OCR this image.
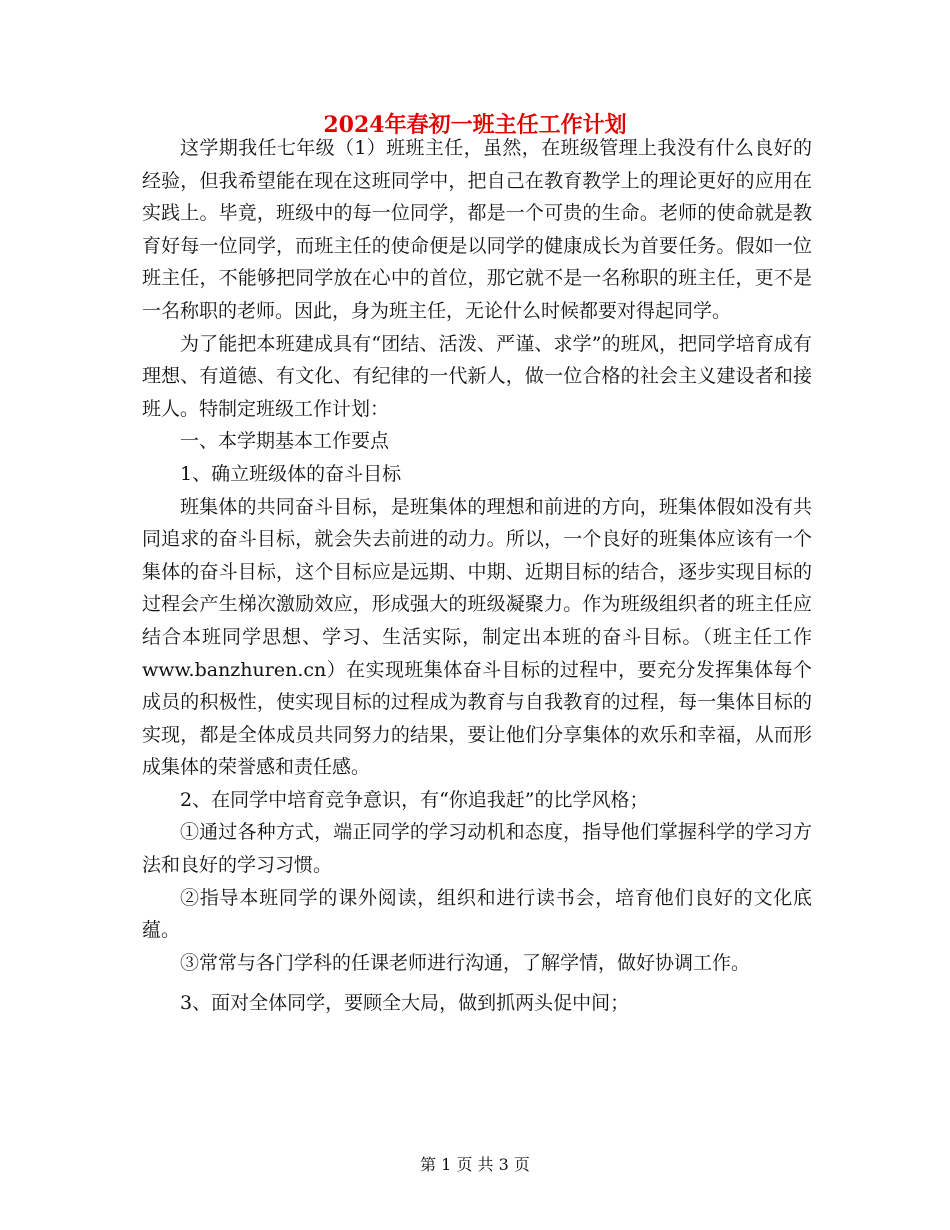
2024年春初一班主任工作计划

这学期我任七年级（1）班班主任，虽然，在班级管理上我没有什么良好的经验，但我希望能在现在这班同学中，把自己在教育教学上的理论更好的应用在实践上。毕竟，班级中的每一位同学，都是一个可贵的生命。老师的使命就是教育好每一位同学，而班主任的使命便是以同学的健康成长为首要任务。假如一位班主任，不能够把同学放在心中的首位，那它就不是一名称职的班主任，更不是一名称职的老师。因此，身为班主任，无论什么时候都要对得起同学。

为了能把本班建成具有“团结、活泼、严谨、求学”的班风，把同学培育成有理想、有道德、有文化、有纪律的一代新人，做一位合格的社会主义建设者和接班人。特制定班级工作计划：

一、本学期基本工作要点

1、确立班级体的奋斗目标

班集体的共同奋斗目标，是班集体的理想和前进的方向，班集体假如没有共同追求的奋斗目标，就会失去前进的动力。所以，一个良好的班集体应该有一个集体的奋斗目标，这个目标应是远期、中期、近期目标的结合，逐步实现目标的过程会产生梯次激励效应，形成强大的班级凝聚力。作为班级组织者的班主任应结合本班同学思想、学习、生活实际，制定出本班的奋斗目标。（班主任工作www.banzhuren.cn）在实现班集体奋斗目标的过程中，要充分发挥集体每个成员的积极性，使实现目标的过程成为教育与自我教育的过程，每一集体目标的实现，都是全体成员共同努力的结果，要让他们分享集体的欢乐和幸福，从而形成集体的荣誉感和责任感。

2、在同学中培育竞争意识，有“你追我赶”的比学风格；

①通过各种方式，端正同学的学习动机和态度，指导他们掌握科学的学习方法和良好的学习习惯。

②指导本班同学的课外阅读，组织和进行读书会，培育他们良好的文化底蕴。

③常常与各门学科的任课老师进行沟通，了解学情，做好协调工作。

3、面对全体同学，要顾全大局，做到抓两头促中间；

第 1 页 共 3 页
